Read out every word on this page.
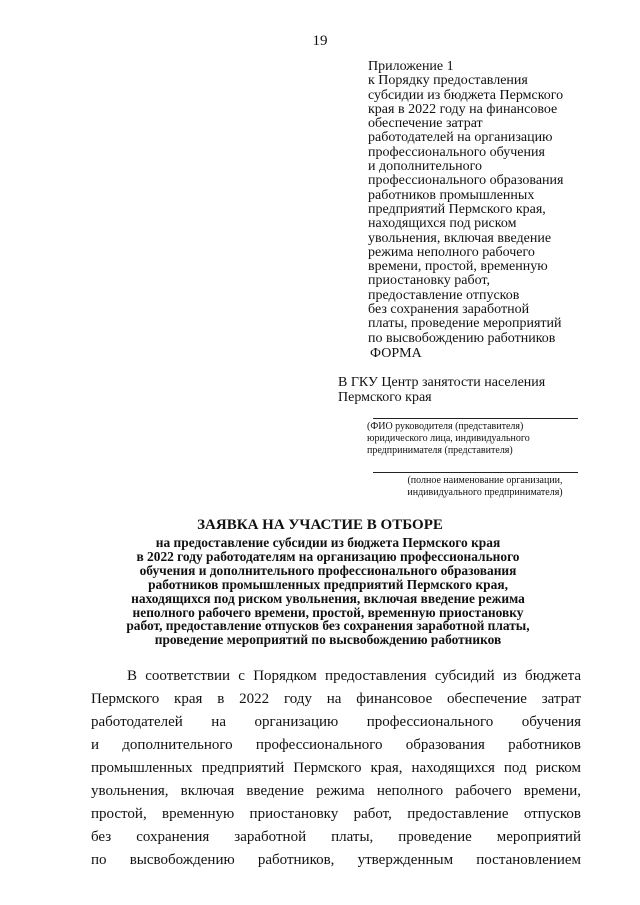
19
Приложение 1
к Порядку предоставления
субсидии из бюджета Пермского
края в 2022 году на финансовое
обеспечение затрат
работодателей на организацию
профессионального обучения
и дополнительного
профессионального образования
работников промышленных
предприятий Пермского края,
находящихся под риском
увольнения, включая введение
режима неполного рабочего
времени, простой, временную
приостановку работ,
предоставление отпусков
без сохранения заработной
платы, проведение мероприятий
по высвобождению работников
ФОРМА
В ГКУ Центр занятости населения
Пермского края
(ФИО руководителя (представителя)
юридического лица, индивидуального
предпринимателя (представителя)
(полное наименование организации,
индивидуального предпринимателя)
ЗАЯВКА НА УЧАСТИЕ В ОТБОРЕ
на предоставление субсидии из бюджета Пермского края
в 2022 году работодателям на организацию профессионального
обучения и дополнительного профессионального образования
работников промышленных предприятий Пермского края,
находящихся под риском увольнения, включая введение режима
неполного рабочего времени, простой, временную приостановку
работ, предоставление отпусков без сохранения заработной платы,
проведение мероприятий по высвобождению работников
В соответствии с Порядком предоставления субсидий из бюджета
Пермского края в 2022 году на финансовое обеспечение затрат
работодателей на организацию профессионального обучения
и дополнительного профессионального образования работников
промышленных предприятий Пермского края, находящихся под риском
увольнения, включая введение режима неполного рабочего времени,
простой, временную приостановку работ, предоставление отпусков
без сохранения заработной платы, проведение мероприятий
по высвобождению работников, утвержденным постановлением
